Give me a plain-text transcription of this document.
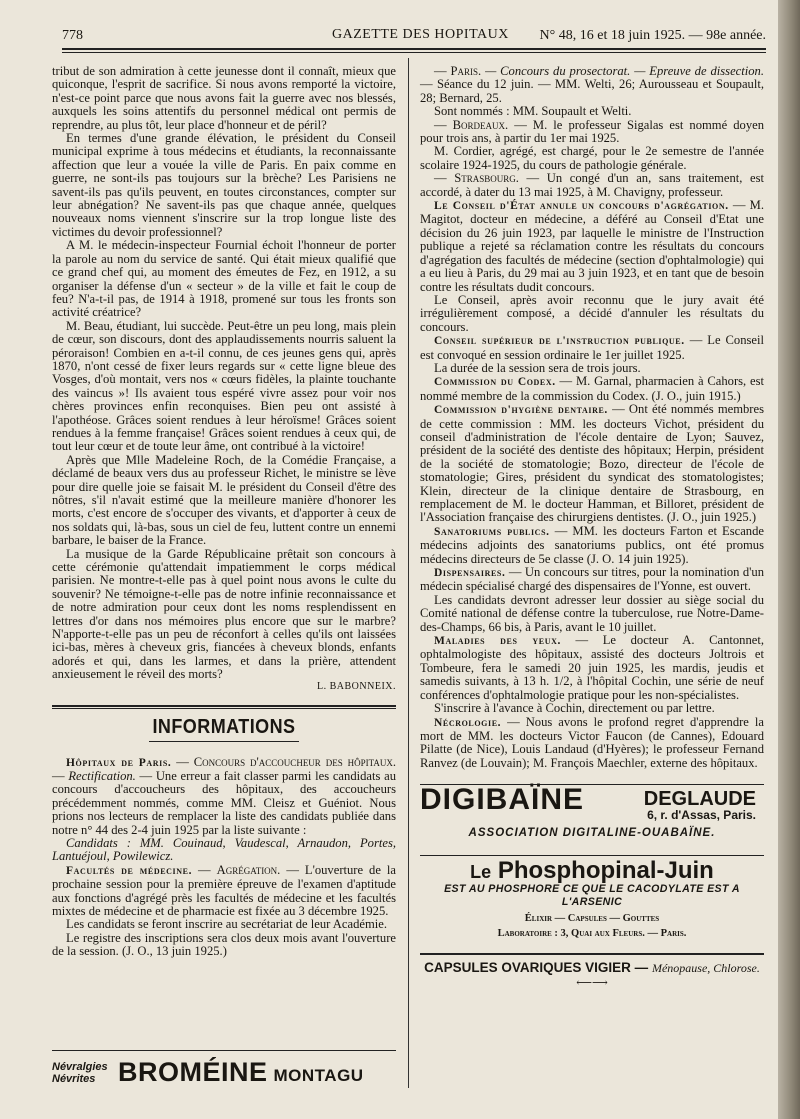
778	GAZETTE DES HOPITAUX N° 48, 16 et 18 juin 1925. — 98e année.

tribut de son admiration à cette jeunesse dont il connaît, mieux que quiconque, l'esprit de sacrifice. Si nous avons remporté la victoire, n'est-ce point parce que nous avons fait la guerre avec nos blessés, auxquels les soins attentifs du personnel médical ont permis de reprendre, au plus tôt, leur place d'honneur et de péril?

En termes d'une grande élévation, le président du Conseil municipal exprime à tous médecins et étudiants, la reconnaissante affection que leur a vouée la ville de Paris. En paix comme en guerre, ne sont-ils pas toujours sur la brèche? Les Parisiens ne savent-ils pas qu'ils peuvent, en toutes circonstances, compter sur leur abnégation? Ne savent-ils pas que chaque année, quelques nouveaux noms viennent s'inscrire sur la trop longue liste des victimes du devoir professionnel?

A M. le médecin-inspecteur Fournial échoit l'honneur de porter la parole au nom du service de santé. Qui était mieux qualifié que ce grand chef qui, au moment des émeutes de Fez, en 1912, a su organiser la défense d'un « secteur » de la ville et fait le coup de feu? N'a-t-il pas, de 1914 à 1918, promené sur tous les fronts son activité créatrice?

M. Beau, étudiant, lui succède. Peut-être un peu long, mais plein de cœur, son discours, dont des applaudissements nourris saluent la péroraison! Combien en a-t-il connu, de ces jeunes gens qui, après 1870, n'ont cessé de fixer leurs regards sur « cette ligne bleue des Vosges, d'où montait, vers nos « cœurs fidèles, la plainte touchante des vaincus »! Ils avaient tous espéré vivre assez pour voir nos chères provinces enfin reconquises. Bien peu ont assisté à l'apothéose. Grâces soient rendues à leur héroïsme! Grâces soient rendues à la femme française! Grâces soient rendues à ceux qui, de tout leur cœur et de toute leur âme, ont contribué à la victoire!

Après que Mlle Madeleine Roch, de la Comédie Française, a déclamé de beaux vers dus au professeur Richet, le ministre se lève pour dire quelle joie se faisait M. le président du Conseil d'être des nôtres, s'il n'avait estimé que la meilleure manière d'honorer les morts, c'est encore de s'occuper des vivants, et d'apporter à ceux de nos soldats qui, là-bas, sous un ciel de feu, luttent contre un ennemi barbare, le baiser de la France.

La musique de la Garde Républicaine prêtait son concours à cette cérémonie qu'attendait impatiemment le corps médical parisien. Ne montre-t-elle pas à quel point nous avons le culte du souvenir? Ne témoigne-t-elle pas de notre infinie reconnaissance et de notre admiration pour ceux dont les noms resplendissent en lettres d'or dans nos mémoires plus encore que sur le marbre? N'apporte-t-elle pas un peu de réconfort à celles qu'ils ont laissées ici-bas, mères à cheveux gris, fiancées à cheveux blonds, enfants adorés et qui, dans les larmes, et dans la prière, attendent anxieusement le réveil des morts?

L. BABONNEIX.
INFORMATIONS

Hôpitaux de Paris. — Concours d'accoucheur des hôpitaux. — Rectification. — Une erreur a fait classer parmi les candidats au concours d'accoucheurs des hôpitaux, des accoucheurs précédemment nommés, comme MM. Cleisz et Guéniot. Nous prions nos lecteurs de remplacer la liste des candidats publiée dans notre n° 44 des 2-4 juin 1925 par la liste suivante :

Candidats : MM. Couinaud, Vaudescal, Arnaudon, Portes, Lantuéjoul, Powilewicz.

Facultés de médecine. — Agrégation. — L'ouverture de la prochaine session pour la première épreuve de l'examen d'aptitude aux fonctions d'agrégé près les facultés de médecine et les facultés mixtes de médecine et de pharmacie est fixée au 3 décembre 1925.

Les candidats se feront inscrire au secrétariat de leur Académie.

Le registre des inscriptions sera clos deux mois avant l'ouverture de la session. (J. O., 13 juin 1925.)

Névralgies
Névrites BROMÉINE MONTAGU

— Paris. — Concours du prosectorat. — Epreuve de dissection. — Séance du 12 juin. — MM. Welti, 26; Aurousseau et Soupault, 28; Bernard, 25.

Sont nommés : MM. Soupault et Welti.

— Bordeaux. — M. le professeur Sigalas est nommé doyen pour trois ans, à partir du 1er mai 1925.

M. Cordier, agrégé, est chargé, pour le 2e semestre de l'année scolaire 1924-1925, du cours de pathologie générale.

— Strasbourg. — Un congé d'un an, sans traitement, est accordé, à dater du 13 mai 1925, à M. Chavigny, professeur.

Le Conseil d'État annule un concours d'agrégation. — M. Magitot, docteur en médecine, a déféré au Conseil d'Etat une décision du 26 juin 1923, par laquelle le ministre de l'Instruction publique a rejeté sa réclamation contre les résultats du concours d'agrégation des facultés de médecine (section d'ophtalmologie) qui a eu lieu à Paris, du 29 mai au 3 juin 1923, et en tant que de besoin contre les résultats dudit concours.

Le Conseil, après avoir reconnu que le jury avait été irrégulièrement composé, a décidé d'annuler les résultats du concours.

Conseil supérieur de l'instruction publique. — Le Conseil est convoqué en session ordinaire le 1er juillet 1925.

La durée de la session sera de trois jours.

Commission du Codex. — M. Garnal, pharmacien à Cahors, est nommé membre de la commission du Codex. (J. O., juin 1915.)

Commission d'hygiène dentaire. — Ont été nommés membres de cette commission : MM. les docteurs Vichot, président du conseil d'administration de l'école dentaire de Lyon; Sauvez, président de la société des dentiste des hôpitaux; Herpin, président de la société de stomatologie; Bozo, directeur de l'école de stomatologie; Gires, président du syndicat des stomatologistes; Klein, directeur de la clinique dentaire de Strasbourg, en remplacement de M. le docteur Hamman, et Billoret, président de l'Association française des chirurgiens dentistes. (J. O., juin 1925.)

Sanatoriums publics. — MM. les docteurs Farton et Escande médecins adjoints des sanatoriums publics, ont été promus médecins directeurs de 5e classe (J. O. 14 juin 1925).

Dispensaires. — Un concours sur titres, pour la nomination d'un médecin spécialisé chargé des dispensaires de l'Yonne, est ouvert.

Les candidats devront adresser leur dossier au siège social du Comité national de défense contre la tuberculose, rue Notre-Dame-des-Champs, 66 bis, à Paris, avant le 10 juillet.

Maladies des yeux. — Le docteur A. Cantonnet, ophtalmologiste des hôpitaux, assisté des docteurs Joltrois et Tombeure, fera le samedi 20 juin 1925, les mardis, jeudis et samedis suivants, à 13 h. 1/2, à l'hôpital Cochin, une série de neuf conférences d'ophtalmologie pratique pour les non-spécialistes.

S'inscrire à l'avance à Cochin, directement ou par lettre.

Nécrologie. — Nous avons le profond regret d'apprendre la mort de MM. les docteurs Victor Faucon (de Cannes), Edouard Pilatte (de Nice), Louis Landaud (d'Hyères); le professeur Fernand Ranvez (de Louvain); M. François Maechler, externe des hôpitaux.

DIGIBAÏNE	DEGLAUDE
6, r. d'Assas, Paris.
ASSOCIATION DIGITALINE-OUABAÏNE.
Le Phosphopinal-Juin
EST AU PHOSPHORE CE QUE LE CACODYLATE EST A L'ARSENIC
Élixir — Capsules — Gouttes
Laboratoire : 3, Quai aux Fleurs. — Paris.
CAPSULES OVARIQUES VIGIER — Ménopause, Chlorose.
⟵⟶
